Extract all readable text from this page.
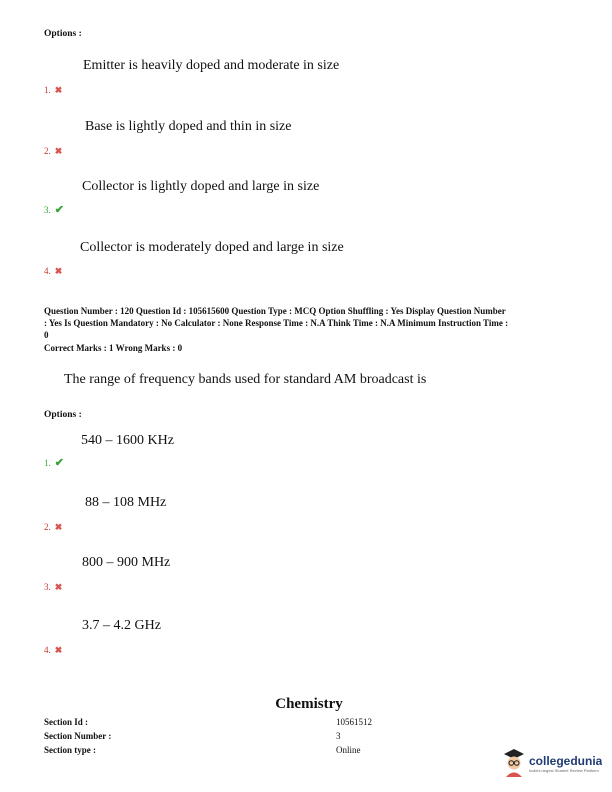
Options :
Emitter is heavily doped and moderate in size
1. ✖
Base is lightly doped and thin in size
2. ✖
Collector is lightly doped and large in size
3. ✔
Collector is moderately doped and large in size
4. ✖
Question Number : 120 Question Id : 105615600 Question Type : MCQ Option Shuffling : Yes Display Question Number
: Yes Is Question Mandatory : No Calculator : None Response Time : N.A Think Time : N.A Minimum Instruction Time :
0
Correct Marks : 1 Wrong Marks : 0
The range of frequency bands used for standard AM broadcast is
Options :
540 – 1600 KHz
1. ✔
88 – 108 MHz
2. ✖
800 – 900 MHz
3. ✖
3.7 – 4.2 GHz
4. ✖
Chemistry
Section Id :	10561512
Section Number :	3
Section type :	Online
collegedunia
India's largest Student Review Platform
